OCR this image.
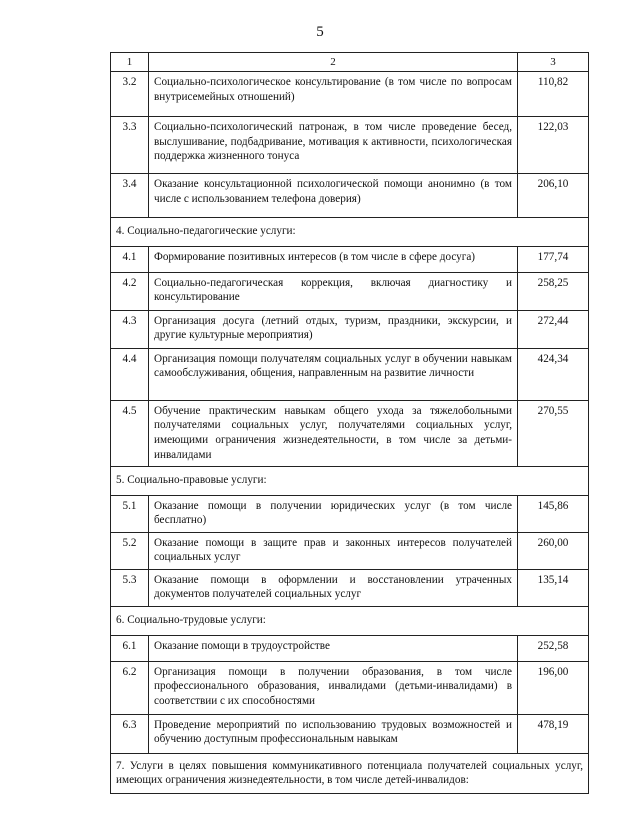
5
1	2	3
3.2	Социально-психологическое консультирование (в том числе по вопросам внутрисемейных отношений)	110,82
3.3	Социально-психологический патронаж, в том числе проведение бесед, выслушивание, подбадривание, мотивация к активности, психологическая поддержка жизненного тонуса	122,03
3.4	Оказание консультационной психологической помощи анонимно (в том числе с использованием телефона доверия)	206,10
4. Социально-педагогические услуги:		
4.1	Формирование позитивных интересов (в том числе в сфере досуга)	177,74
4.2	Социально-педагогическая коррекция, включая диагностику и консультирование	258,25
4.3	Организация досуга (летний отдых, туризм, праздники, экскурсии, и другие культурные мероприятия)	272,44
4.4	Организация помощи получателям социальных услуг в обучении навыкам самообслуживания, общения, направленным на развитие личности	424,34
4.5	Обучение практическим навыкам общего ухода за тяжелобольными получателями социальных услуг, получателями социальных услуг, имеющими ограничения жизнедеятельности, в том числе за детьми-инвалидами	270,55
5. Социально-правовые услуги:		
5.1	Оказание помощи в получении юридических услуг (в том числе бесплатно)	145,86
5.2	Оказание помощи в защите прав и законных интересов получателей социальных услуг	260,00
5.3	Оказание помощи в оформлении и восстановлении утраченных документов получателей социальных услуг	135,14
6. Социально-трудовые услуги:		
6.1	Оказание помощи в трудоустройстве	252,58
6.2	Организация помощи в получении образования, в том числе профессионального образования, инвалидами (детьми-инвалидами) в соответствии с их способностями	196,00
6.3	Проведение мероприятий по использованию трудовых возможностей и обучению доступным профессиональным навыкам	478,19
7. Услуги в целях повышения коммуникативного потенциала получателей социальных услуг, имеющих ограничения жизнедеятельности, в том числе детей-инвалидов:		
